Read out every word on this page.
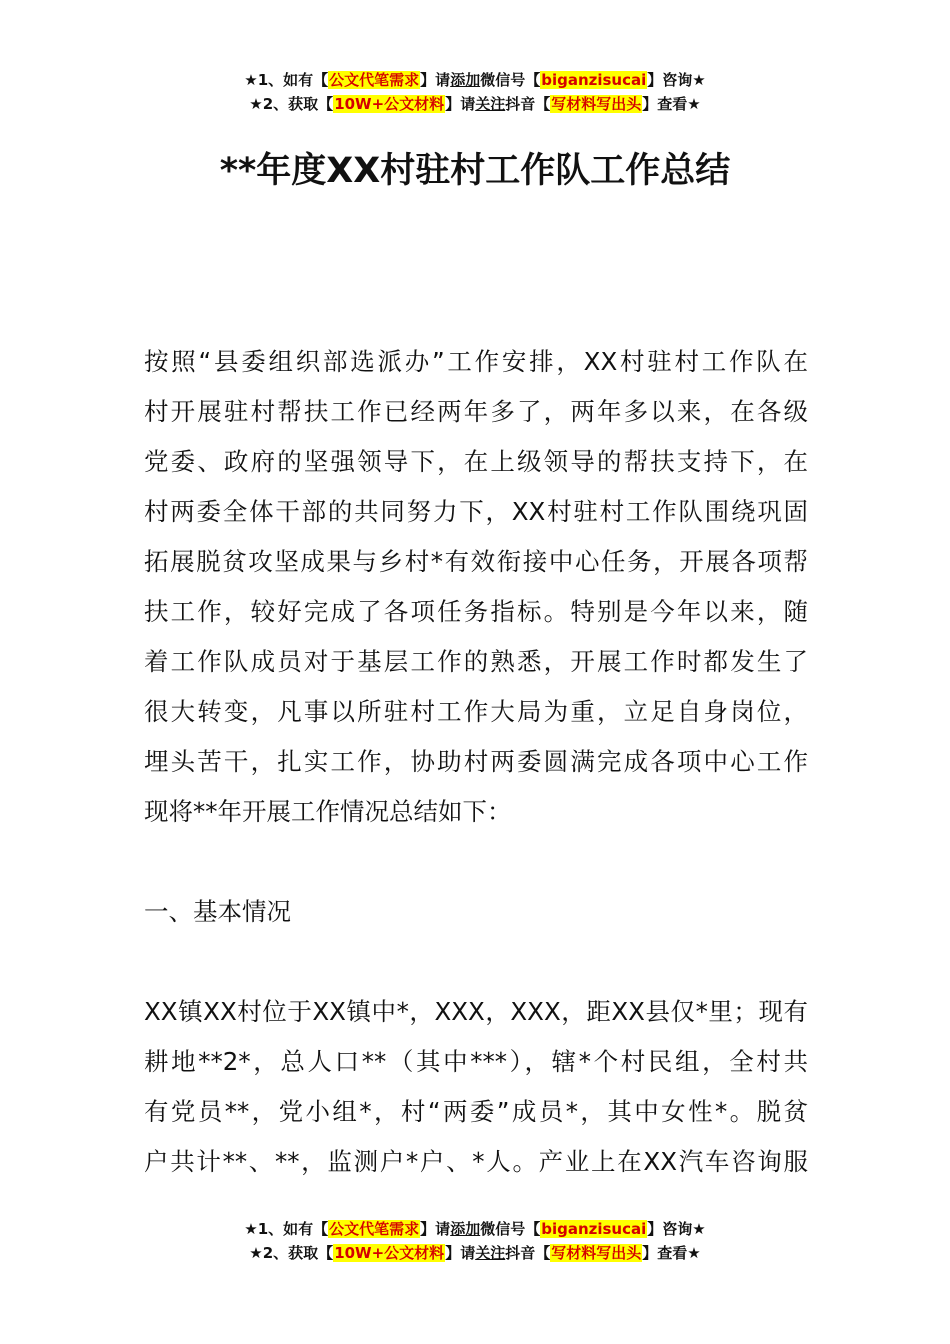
★1、如有【公文代笔需求】请添加微信号【biganzisucai】咨询★
★2、获取【10W+公文材料】请关注抖音【写材料写出头】查看★
**年度XX村驻村工作队工作总结
按照“县委组织部选派办”工作安排，XX村驻村工作队在
村开展驻村帮扶工作已经两年多了，两年多以来，在各级
党委、政府的坚强领导下，在上级领导的帮扶支持下，在
村两委全体干部的共同努力下，XX村驻村工作队围绕巩固
拓展脱贫攻坚成果与乡村*有效衔接中心任务，开展各项帮
扶工作，较好完成了各项任务指标。特别是今年以来，随
着工作队成员对于基层工作的熟悉，开展工作时都发生了
很大转变，凡事以所驻村工作大局为重，立足自身岗位，
埋头苦干，扎实工作，协助村两委圆满完成各项中心工作
现将**年开展工作情况总结如下：
一、基本情况
XX镇XX村位于XX镇中*，XXX，XXX，距XX县仅*里；现有
耕地**2*，总人口**（其中***），辖*个村民组，全村共
有党员**，党小组*，村“两委”成员*，其中女性*。脱贫
户共计**、**，监测户*户、*人。产业上在XX汽车咨询服
★1、如有【公文代笔需求】请添加微信号【biganzisucai】咨询★
★2、获取【10W+公文材料】请关注抖音【写材料写出头】查看★
